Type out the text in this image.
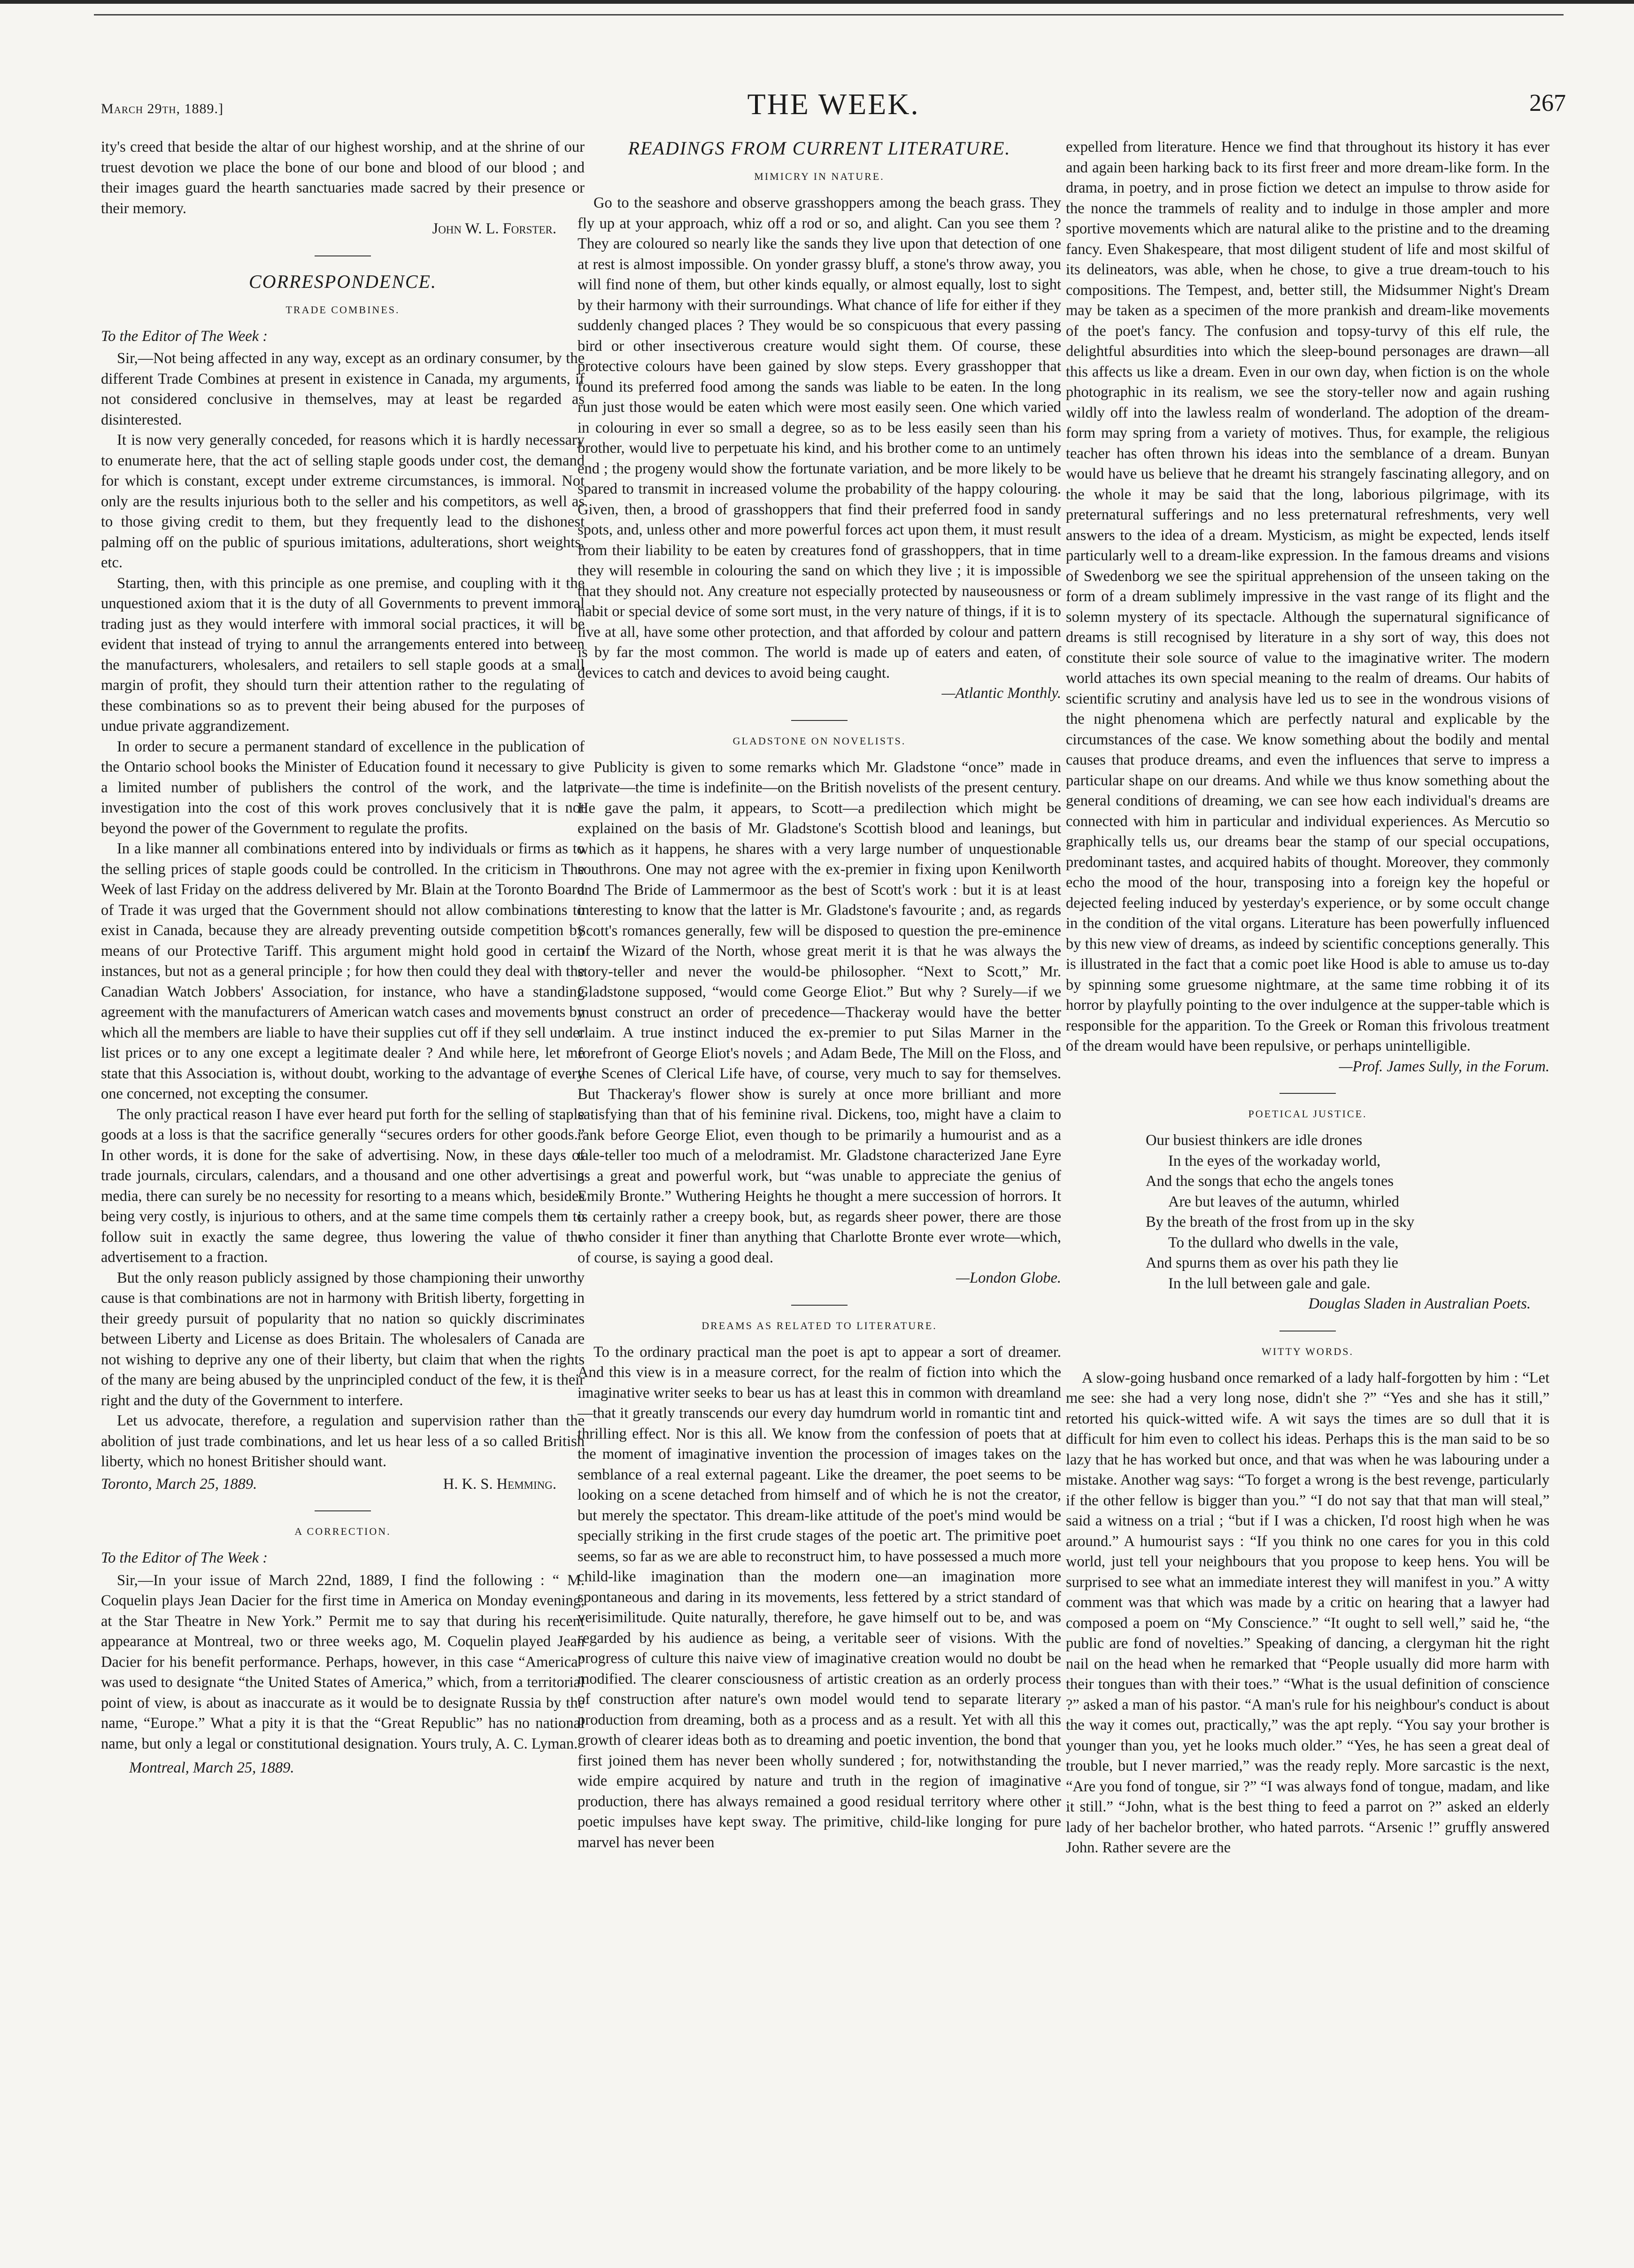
March 29th, 1889.]	THE WEEK.	267

ity's creed that beside the altar of our highest worship, and at the shrine of our truest devotion we place the bone of our bone and blood of our blood ; and their images guard the hearth sanctuaries made sacred by their presence or their memory.

John W. L. Forster.
CORRESPONDENCE.
TRADE COMBINES.
To the Editor of The Week :

Sir,—Not being affected in any way, except as an ordinary consumer, by the different Trade Combines at present in existence in Canada, my arguments, if not considered conclusive in themselves, may at least be regarded as disinterested.

It is now very generally conceded, for reasons which it is hardly necessary to enumerate here, that the act of selling staple goods under cost, the demand for which is constant, except under extreme circumstances, is immoral. Not only are the results injurious both to the seller and his competitors, as well as to those giving credit to them, but they frequently lead to the dishonest palming off on the public of spurious imitations, adulterations, short weights, etc.

Starting, then, with this principle as one premise, and coupling with it the unquestioned axiom that it is the duty of all Governments to prevent immoral trading just as they would interfere with immoral social practices, it will be evident that instead of trying to annul the arrangements entered into between the manufacturers, wholesalers, and retailers to sell staple goods at a small margin of profit, they should turn their attention rather to the regulating of these combinations so as to prevent their being abused for the purposes of undue private aggrandizement.

In order to secure a permanent standard of excellence in the publication of the Ontario school books the Minister of Education found it necessary to give a limited number of publishers the control of the work, and the late investigation into the cost of this work proves conclusively that it is not beyond the power of the Government to regulate the profits.

In a like manner all combinations entered into by individuals or firms as to the selling prices of staple goods could be controlled. In the criticism in The Week of last Friday on the address delivered by Mr. Blain at the Toronto Board of Trade it was urged that the Government should not allow combinations to exist in Canada, because they are already preventing outside competition by means of our Protective Tariff. This argument might hold good in certain instances, but not as a general principle ; for how then could they deal with the Canadian Watch Jobbers' Association, for instance, who have a standing agreement with the manufacturers of American watch cases and movements by which all the members are liable to have their supplies cut off if they sell under list prices or to any one except a legitimate dealer ? And while here, let me state that this Association is, without doubt, working to the advantage of every one concerned, not excepting the consumer.

The only practical reason I have ever heard put forth for the selling of staple goods at a loss is that the sacrifice generally “secures orders for other goods.” In other words, it is done for the sake of advertising. Now, in these days of trade journals, circulars, calendars, and a thousand and one other advertising media, there can surely be no necessity for resorting to a means which, besides being very costly, is injurious to others, and at the same time compels them to follow suit in exactly the same degree, thus lowering the value of the advertisement to a fraction.

But the only reason publicly assigned by those championing their unworthy cause is that combinations are not in harmony with British liberty, forgetting in their greedy pursuit of popularity that no nation so quickly discriminates between Liberty and License as does Britain. The wholesalers of Canada are not wishing to deprive any one of their liberty, but claim that when the rights of the many are being abused by the unprincipled conduct of the few, it is their right and the duty of the Government to interfere.

Let us advocate, therefore, a regulation and supervision rather than the abolition of just trade combinations, and let us hear less of a so called British liberty, which no honest Britisher should want.

Toronto, March 25, 1889.	H. K. S. Hemming.
A CORRECTION.
To the Editor of The Week :

Sir,—In your issue of March 22nd, 1889, I find the following : “ M. Coquelin plays Jean Dacier for the first time in America on Monday evening, at the Star Theatre in New York.” Permit me to say that during his recent appearance at Montreal, two or three weeks ago, M. Coquelin played Jean Dacier for his benefit performance. Perhaps, however, in this case “America” was used to designate “the United States of America,” which, from a territorial point of view, is about as inaccurate as it would be to designate Russia by the name, “Europe.” What a pity it is that the “Great Republic” has no national name, but only a legal or constitutional designation. Yours truly, A. C. Lyman.

Montreal, March 25, 1889.
READINGS FROM CURRENT LITERATURE.
MIMICRY IN NATURE.

Go to the seashore and observe grasshoppers among the beach grass. They fly up at your approach, whiz off a rod or so, and alight. Can you see them ? They are coloured so nearly like the sands they live upon that detection of one at rest is almost impossible. On yonder grassy bluff, a stone's throw away, you will find none of them, but other kinds equally, or almost equally, lost to sight by their harmony with their surroundings. What chance of life for either if they suddenly changed places ? They would be so conspicuous that every passing bird or other insectiverous creature would sight them. Of course, these protective colours have been gained by slow steps. Every grasshopper that found its preferred food among the sands was liable to be eaten. In the long run just those would be eaten which were most easily seen. One which varied in colouring in ever so small a degree, so as to be less easily seen than his brother, would live to perpetuate his kind, and his brother come to an untimely end ; the progeny would show the fortunate variation, and be more likely to be spared to transmit in increased volume the probability of the happy colouring. Given, then, a brood of grasshoppers that find their preferred food in sandy spots, and, unless other and more powerful forces act upon them, it must result from their liability to be eaten by creatures fond of grasshoppers, that in time they will resemble in colouring the sand on which they live ; it is impossible that they should not. Any creature not especially protected by nauseousness or habit or special device of some sort must, in the very nature of things, if it is to live at all, have some other protection, and that afforded by colour and pattern is by far the most common. The world is made up of eaters and eaten, of devices to catch and devices to avoid being caught.

—Atlantic Monthly.
GLADSTONE ON NOVELISTS.

Publicity is given to some remarks which Mr. Gladstone “once” made in private—the time is indefinite—on the British novelists of the present century. He gave the palm, it appears, to Scott—a predilection which might be explained on the basis of Mr. Gladstone's Scottish blood and leanings, but which as it happens, he shares with a very large number of unquestionable southrons. One may not agree with the ex-premier in fixing upon Kenilworth and The Bride of Lammermoor as the best of Scott's work : but it is at least interesting to know that the latter is Mr. Gladstone's favourite ; and, as regards Scott's romances generally, few will be disposed to question the pre-eminence of the Wizard of the North, whose great merit it is that he was always the story-teller and never the would-be philosopher. “Next to Scott,” Mr. Gladstone supposed, “would come George Eliot.” But why ? Surely—if we must construct an order of precedence—Thackeray would have the better claim. A true instinct induced the ex-premier to put Silas Marner in the forefront of George Eliot's novels ; and Adam Bede, The Mill on the Floss, and the Scenes of Clerical Life have, of course, very much to say for themselves. But Thackeray's flower show is surely at once more brilliant and more satisfying than that of his feminine rival. Dickens, too, might have a claim to rank before George Eliot, even though to be primarily a humourist and as a tale-teller too much of a melodramist. Mr. Gladstone characterized Jane Eyre as a great and powerful work, but “was unable to appreciate the genius of Emily Bronte.” Wuthering Heights he thought a mere succession of horrors. It is certainly rather a creepy book, but, as regards sheer power, there are those who consider it finer than anything that Charlotte Bronte ever wrote—which, of course, is saying a good deal.

—London Globe.
DREAMS AS RELATED TO LITERATURE.

To the ordinary practical man the poet is apt to appear a sort of dreamer. And this view is in a measure correct, for the realm of fiction into which the imaginative writer seeks to bear us has at least this in common with dreamland—that it greatly transcends our every day humdrum world in romantic tint and thrilling effect. Nor is this all. We know from the confession of poets that at the moment of imaginative invention the procession of images takes on the semblance of a real external pageant. Like the dreamer, the poet seems to be looking on a scene detached from himself and of which he is not the creator, but merely the spectator. This dream-like attitude of the poet's mind would be specially striking in the first crude stages of the poetic art. The primitive poet seems, so far as we are able to reconstruct him, to have possessed a much more child-like imagination than the modern one—an imagination more spontaneous and daring in its movements, less fettered by a strict standard of verisimilitude. Quite naturally, therefore, he gave himself out to be, and was regarded by his audience as being, a veritable seer of visions. With the progress of culture this naive view of imaginative creation would no doubt be modified. The clearer consciousness of artistic creation as an orderly process of construction after nature's own model would tend to separate literary production from dreaming, both as a process and as a result. Yet with all this growth of clearer ideas both as to dreaming and poetic invention, the bond that first joined them has never been wholly sundered ; for, notwithstanding the wide empire acquired by nature and truth in the region of imaginative production, there has always remained a good residual territory where other poetic impulses have kept sway. The primitive, child-like longing for pure marvel has never been

expelled from literature. Hence we find that throughout its history it has ever and again been harking back to its first freer and more dream-like form. In the drama, in poetry, and in prose fiction we detect an impulse to throw aside for the nonce the trammels of reality and to indulge in those ampler and more sportive movements which are natural alike to the pristine and to the dreaming fancy. Even Shakespeare, that most diligent student of life and most skilful of its delineators, was able, when he chose, to give a true dream-touch to his compositions. The Tempest, and, better still, the Midsummer Night's Dream may be taken as a specimen of the more prankish and dream-like movements of the poet's fancy. The confusion and topsy-turvy of this elf rule, the delightful absurdities into which the sleep-bound personages are drawn—all this affects us like a dream. Even in our own day, when fiction is on the whole photographic in its realism, we see the story-teller now and again rushing wildly off into the lawless realm of wonderland. The adoption of the dream-form may spring from a variety of motives. Thus, for example, the religious teacher has often thrown his ideas into the semblance of a dream. Bunyan would have us believe that he dreamt his strangely fascinating allegory, and on the whole it may be said that the long, laborious pilgrimage, with its preternatural sufferings and no less preternatural refreshments, very well answers to the idea of a dream. Mysticism, as might be expected, lends itself particularly well to a dream-like expression. In the famous dreams and visions of Swedenborg we see the spiritual apprehension of the unseen taking on the form of a dream sublimely impressive in the vast range of its flight and the solemn mystery of its spectacle. Although the supernatural significance of dreams is still recognised by literature in a shy sort of way, this does not constitute their sole source of value to the imaginative writer. The modern world attaches its own special meaning to the realm of dreams. Our habits of scientific scrutiny and analysis have led us to see in the wondrous visions of the night phenomena which are perfectly natural and explicable by the circumstances of the case. We know something about the bodily and mental causes that produce dreams, and even the influences that serve to impress a particular shape on our dreams. And while we thus know something about the general conditions of dreaming, we can see how each individual's dreams are connected with him in particular and individual experiences. As Mercutio so graphically tells us, our dreams bear the stamp of our special occupations, predominant tastes, and acquired habits of thought. Moreover, they commonly echo the mood of the hour, transposing into a foreign key the hopeful or dejected feeling induced by yesterday's experience, or by some occult change in the condition of the vital organs. Literature has been powerfully influenced by this new view of dreams, as indeed by scientific conceptions generally. This is illustrated in the fact that a comic poet like Hood is able to amuse us to-day by spinning some gruesome nightmare, at the same time robbing it of its horror by playfully pointing to the over indulgence at the supper-table which is responsible for the apparition. To the Greek or Roman this frivolous treatment of the dream would have been repulsive, or perhaps unintelligible.

—Prof. James Sully, in the Forum.
POETICAL JUSTICE.
Our busiest thinkers are idle drones
In the eyes of the workaday world,
And the songs that echo the angels tones
Are but leaves of the autumn, whirled
By the breath of the frost from up in the sky
To the dullard who dwells in the vale,
And spurns them as over his path they lie
In the lull between gale and gale.
Douglas Sladen in Australian Poets.
WITTY WORDS.

A slow-going husband once remarked of a lady half-forgotten by him : “Let me see: she had a very long nose, didn't she ?” “Yes and she has it still,” retorted his quick-witted wife. A wit says the times are so dull that it is difficult for him even to collect his ideas. Perhaps this is the man said to be so lazy that he has worked but once, and that was when he was labouring under a mistake. Another wag says: “To forget a wrong is the best revenge, particularly if the other fellow is bigger than you.” “I do not say that that man will steal,” said a witness on a trial ; “but if I was a chicken, I'd roost high when he was around.” A humourist says : “If you think no one cares for you in this cold world, just tell your neighbours that you propose to keep hens. You will be surprised to see what an immediate interest they will manifest in you.” A witty comment was that which was made by a critic on hearing that a lawyer had composed a poem on “My Conscience.” “It ought to sell well,” said he, “the public are fond of novelties.” Speaking of dancing, a clergyman hit the right nail on the head when he remarked that “People usually did more harm with their tongues than with their toes.” “What is the usual definition of conscience ?” asked a man of his pastor. “A man's rule for his neighbour's conduct is about the way it comes out, practically,” was the apt reply. “You say your brother is younger than you, yet he looks much older.” “Yes, he has seen a great deal of trouble, but I never married,” was the ready reply. More sarcastic is the next, “Are you fond of tongue, sir ?” “I was always fond of tongue, madam, and like it still.” “John, what is the best thing to feed a parrot on ?” asked an elderly lady of her bachelor brother, who hated parrots. “Arsenic !” gruffly answered John. Rather severe are the
